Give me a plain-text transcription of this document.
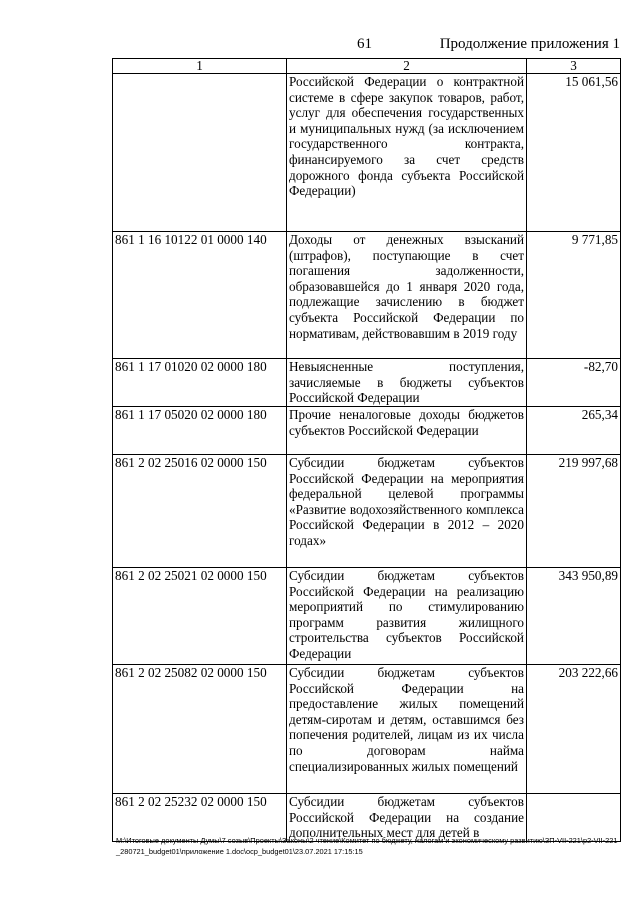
61	Продолжение приложения 1
1	2	3
	Российской Федерации о контрактной системе в сфере закупок товаров, работ, услуг для обеспечения государственных и муниципальных нужд (за исключением государственного контракта, финансируемого за счет средств дорожного фонда субъекта Российской Федерации)	15 061,56
861 1 16 10122 01 0000 140	Доходы от денежных взысканий (штрафов), поступающие в счет погашения задолженности, образовавшейся до 1 января 2020 года, подлежащие зачислению в бюджет субъекта Российской Федерации по нормативам, действовавшим в 2019 году	9 771,85
861 1 17 01020 02 0000 180	Невыясненные поступления, зачисляемые в бюджеты субъектов Российской Федерации	-82,70
861 1 17 05020 02 0000 180	Прочие неналоговые доходы бюджетов субъектов Российской Федерации	265,34
861 2 02 25016 02 0000 150	Субсидии бюджетам субъектов Российской Федерации на мероприятия федеральной целевой программы «Развитие водохозяйственного комплекса Российской Федерации в 2012 – 2020 годах»	219 997,68
861 2 02 25021 02 0000 150	Субсидии бюджетам субъектов Российской Федерации на реализацию мероприятий по стимулированию программ развития жилищного строительства субъектов Российской Федерации	343 950,89
861 2 02 25082 02 0000 150	Субсидии бюджетам субъектов Российской Федерации на предоставление жилых помещений детям-сиротам и детям, оставшимся без попечения родителей, лицам из их числа по договорам найма специализированных жилых помещений	203 222,66
861 2 02 25232 02 0000 150	Субсидии бюджетам субъектов Российской Федерации на создание дополнительных мест для детей в	
M:\Итоговые документы Думы\7 созыв\Проекты\Законы\2 чтение\Комитет по бюджету, налогам и экономическому развитию\ЗП-VII-221\р2-VII-221_280721_budget01\приложение 1.doc\ocp_budget01\23.07.2021 17:15:15
